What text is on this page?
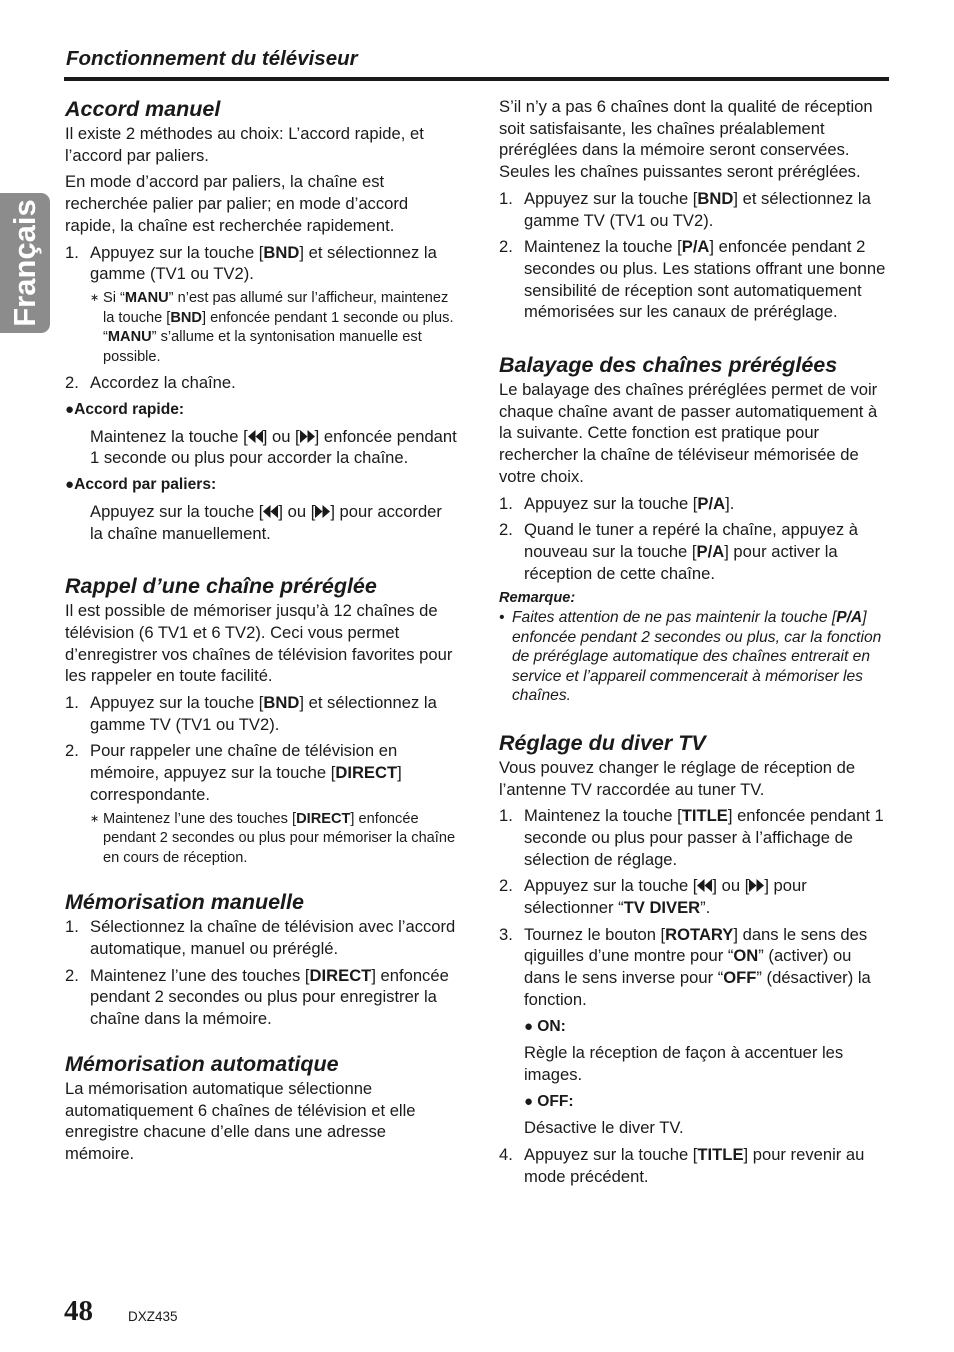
Fonctionnement du téléviseur
Français
Accord manuel
Il existe 2 méthodes au choix: L’accord rapide, et l’accord par paliers.
En mode d’accord par paliers, la chaîne est recherchée palier par palier; en mode d’accord rapide, la chaîne est recherchée rapidement.
1. Appuyez sur la touche [BND] et sélectionnez la gamme (TV1 ou TV2).
∗ Si “MANU” n’est pas allumé sur l’afficheur, maintenez la touche [BND] enfoncée pendant 1 seconde ou plus. “MANU” s’allume et la syntonisation manuelle est possible.
2. Accordez la chaîne.
●Accord rapide:
Maintenez la touche [ ] ou [ ] enfoncée pendant 1 seconde ou plus pour accorder la chaîne.
●Accord par paliers:
Appuyez sur la touche [ ] ou [ ] pour accorder la chaîne manuellement.
Rappel d’une chaîne préréglée
Il est possible de mémoriser jusqu’à 12 chaînes de télévision (6 TV1 et 6 TV2). Ceci vous permet d’enregistrer vos chaînes de télévision favorites pour les rappeler en toute facilité.
1. Appuyez sur la touche [BND] et sélectionnez la gamme TV (TV1 ou TV2).
2. Pour rappeler une chaîne de télévision en mémoire, appuyez sur la touche [DIRECT] correspondante.
∗ Maintenez l’une des touches [DIRECT] enfoncée pendant 2 secondes ou plus pour mémoriser la chaîne en cours de réception.
Mémorisation manuelle
1. Sélectionnez la chaîne de télévision avec l’accord automatique, manuel ou préréglé.
2. Maintenez l’une des touches [DIRECT] enfoncée pendant 2 secondes ou plus pour enregistrer la chaîne dans la mémoire.
Mémorisation automatique
La mémorisation automatique sélectionne automatiquement 6 chaînes de télévision et elle enregistre chacune d’elle dans une adresse mémoire.
S’il n’y a pas 6 chaînes dont la qualité de réception soit satisfaisante, les chaînes préalablement préréglées dans la mémoire seront conservées. Seules les chaînes puissantes seront préréglées.
1. Appuyez sur la touche [BND] et sélectionnez la gamme TV (TV1 ou TV2).
2. Maintenez la touche [P/A] enfoncée pendant 2 secondes ou plus. Les stations offrant une bonne sensibilité de réception sont automatiquement mémorisées sur les canaux de préréglage.
Balayage des chaînes préréglées
Le balayage des chaînes préréglées permet de voir chaque chaîne avant de passer automatiquement à la suivante. Cette fonction est pratique pour rechercher la chaîne de téléviseur mémorisée de votre choix.
1. Appuyez sur la touche [P/A].
2. Quand le tuner a repéré la chaîne, appuyez à nouveau sur la touche [P/A] pour activer la réception de cette chaîne.
Remarque:
• Faites attention de ne pas maintenir la touche [P/A] enfoncée pendant 2 secondes ou plus, car la fonction de préréglage automatique des chaînes entrerait en service et l’appareil commencerait à mémoriser les chaînes.
Réglage du diver TV
Vous pouvez changer le réglage de réception de l’antenne TV raccordée au tuner TV.
1. Maintenez la touche [TITLE] enfoncée pendant 1 seconde ou plus pour passer à l’affichage de sélection de réglage.
2. Appuyez sur la touche [ ] ou [ ] pour sélectionner “TV DIVER”.
3. Tournez le bouton [ROTARY] dans le sens des qiguilles d’une montre pour “ON” (activer) ou dans le sens inverse pour “OFF” (désactiver) la fonction.
● ON:
Règle la réception de façon à accentuer les images.
● OFF:
Désactive le diver TV.
4. Appuyez sur la touche [TITLE] pour revenir au mode précédent.
48	DXZ435
